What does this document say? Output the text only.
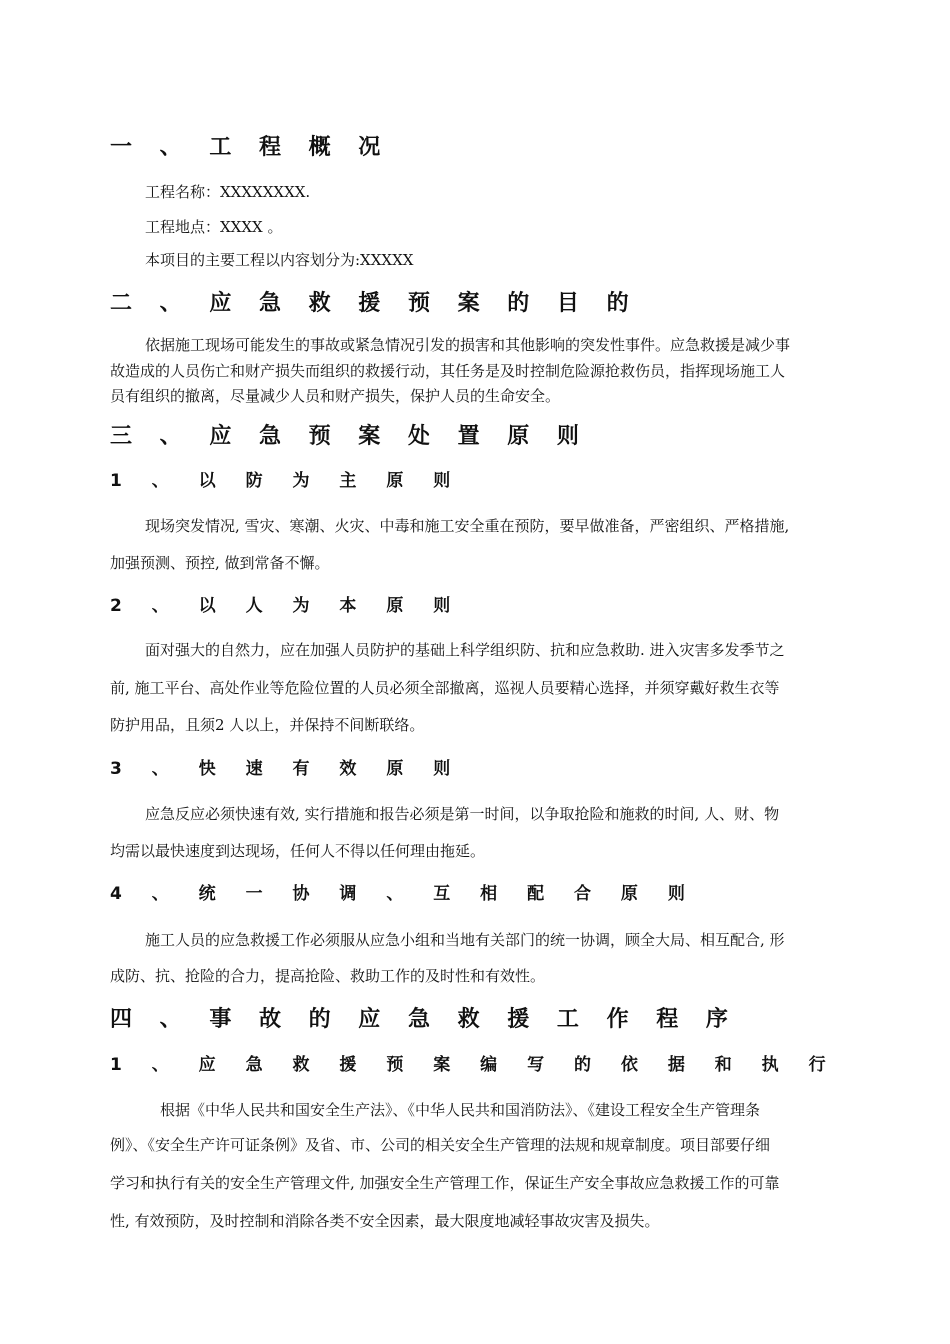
一 、 工 程 概 况
工程名称：XXXXXXXX.
工程地点：XXXX 。
本项目的主要工程以内容划分为:XXXXX
二 、 应 急 救 援 预 案 的 目 的
依据施工现场可能发生的事故或紧急情况引发的损害和其他影响的突发性事件。应急救援是减少事
故造成的人员伤亡和财产损失而组织的救援行动，其任务是及时控制危险源抢救伤员，指挥现场施工人
员有组织的撤离，尽量减少人员和财产损失，保护人员的生命安全。
三 、 应 急 预 案 处 置 原 则
1 、 以 防 为 主 原 则
现场突发情况, 雪灾、寒潮、火灾、中毒和施工安全重在预防，要早做准备，严密组织、严格措施,
加强预测、预控, 做到常备不懈。
2 、 以 人 为 本 原 则
面对强大的自然力，应在加强人员防护的基础上科学组织防、抗和应急救助. 进入灾害多发季节之
前, 施工平台、高处作业等危险位置的人员必须全部撤离，巡视人员要精心选择，并须穿戴好救生衣等
防护用品，且须2 人以上，并保持不间断联络。
3 、 快 速 有 效 原 则
应急反应必须快速有效, 实行措施和报告必须是第一时间，以争取抢险和施救的时间, 人、财、物
均需以最快速度到达现场，任何人不得以任何理由拖延。
4 、 统 一 协 调 、 互 相 配 合 原 则
施工人员的应急救援工作必须服从应急小组和当地有关部门的统一协调，顾全大局、相互配合, 形
成防、抗、抢险的合力，提高抢险、救助工作的及时性和有效性。
四 、 事 故 的 应 急 救 援 工 作 程 序
1 、 应 急 救 援 预 案 编 写 的 依 据 和 执 行
根据《中华人民共和国安全生产法》、《中华人民共和国消防法》、《建设工程安全生产管理条
例》、《安全生产许可证条例》及省、市、公司的相关安全生产管理的法规和规章制度。项目部要仔细
学习和执行有关的安全生产管理文件, 加强安全生产管理工作，保证生产安全事故应急救援工作的可靠
性, 有效预防，及时控制和消除各类不安全因素，最大限度地减轻事故灾害及损失。
